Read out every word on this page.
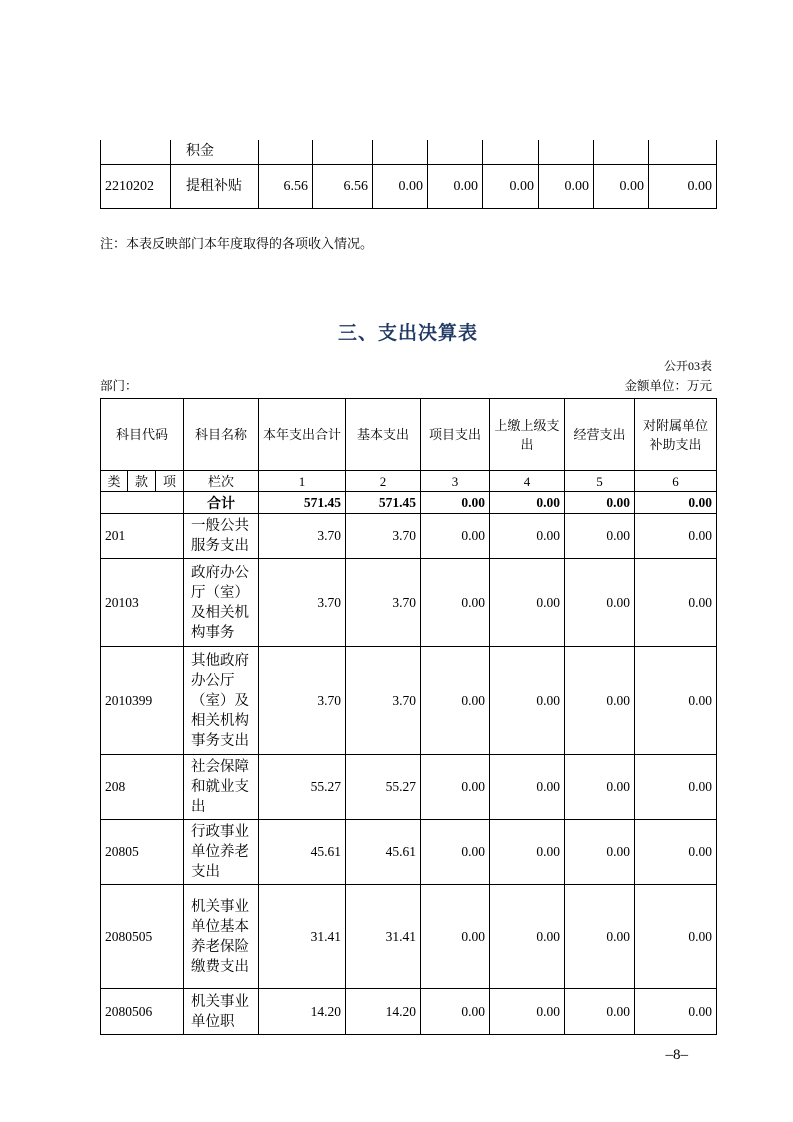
	积金								
2210202	提租补贴	6.56	6.56	0.00	0.00	0.00	0.00	0.00	0.00

注：本表反映部门本年度取得的各项收入情况。

三、支出决算表
公开03表
部门：	金额单位：万元
科目代码			科目名称	本年支出合计	基本支出	项目支出	上缴上级支出	经营支出	对附属单位补助支出
类	款	项	栏次	1	2	3	4	5	6
			合计	571.45	571.45	0.00	0.00	0.00	0.00
201			一般公共服务支出	3.70	3.70	0.00	0.00	0.00	0.00
20103			政府办公厅（室）及相关机构事务	3.70	3.70	0.00	0.00	0.00	0.00
2010399			其他政府办公厅（室）及相关机构事务支出	3.70	3.70	0.00	0.00	0.00	0.00
208			社会保障和就业支出	55.27	55.27	0.00	0.00	0.00	0.00
20805			行政事业单位养老支出	45.61	45.61	0.00	0.00	0.00	0.00
2080505			机关事业单位基本养老保险缴费支出	31.41	31.41	0.00	0.00	0.00	0.00
2080506			机关事业单位职	14.20	14.20	0.00	0.00	0.00	0.00
–8–
